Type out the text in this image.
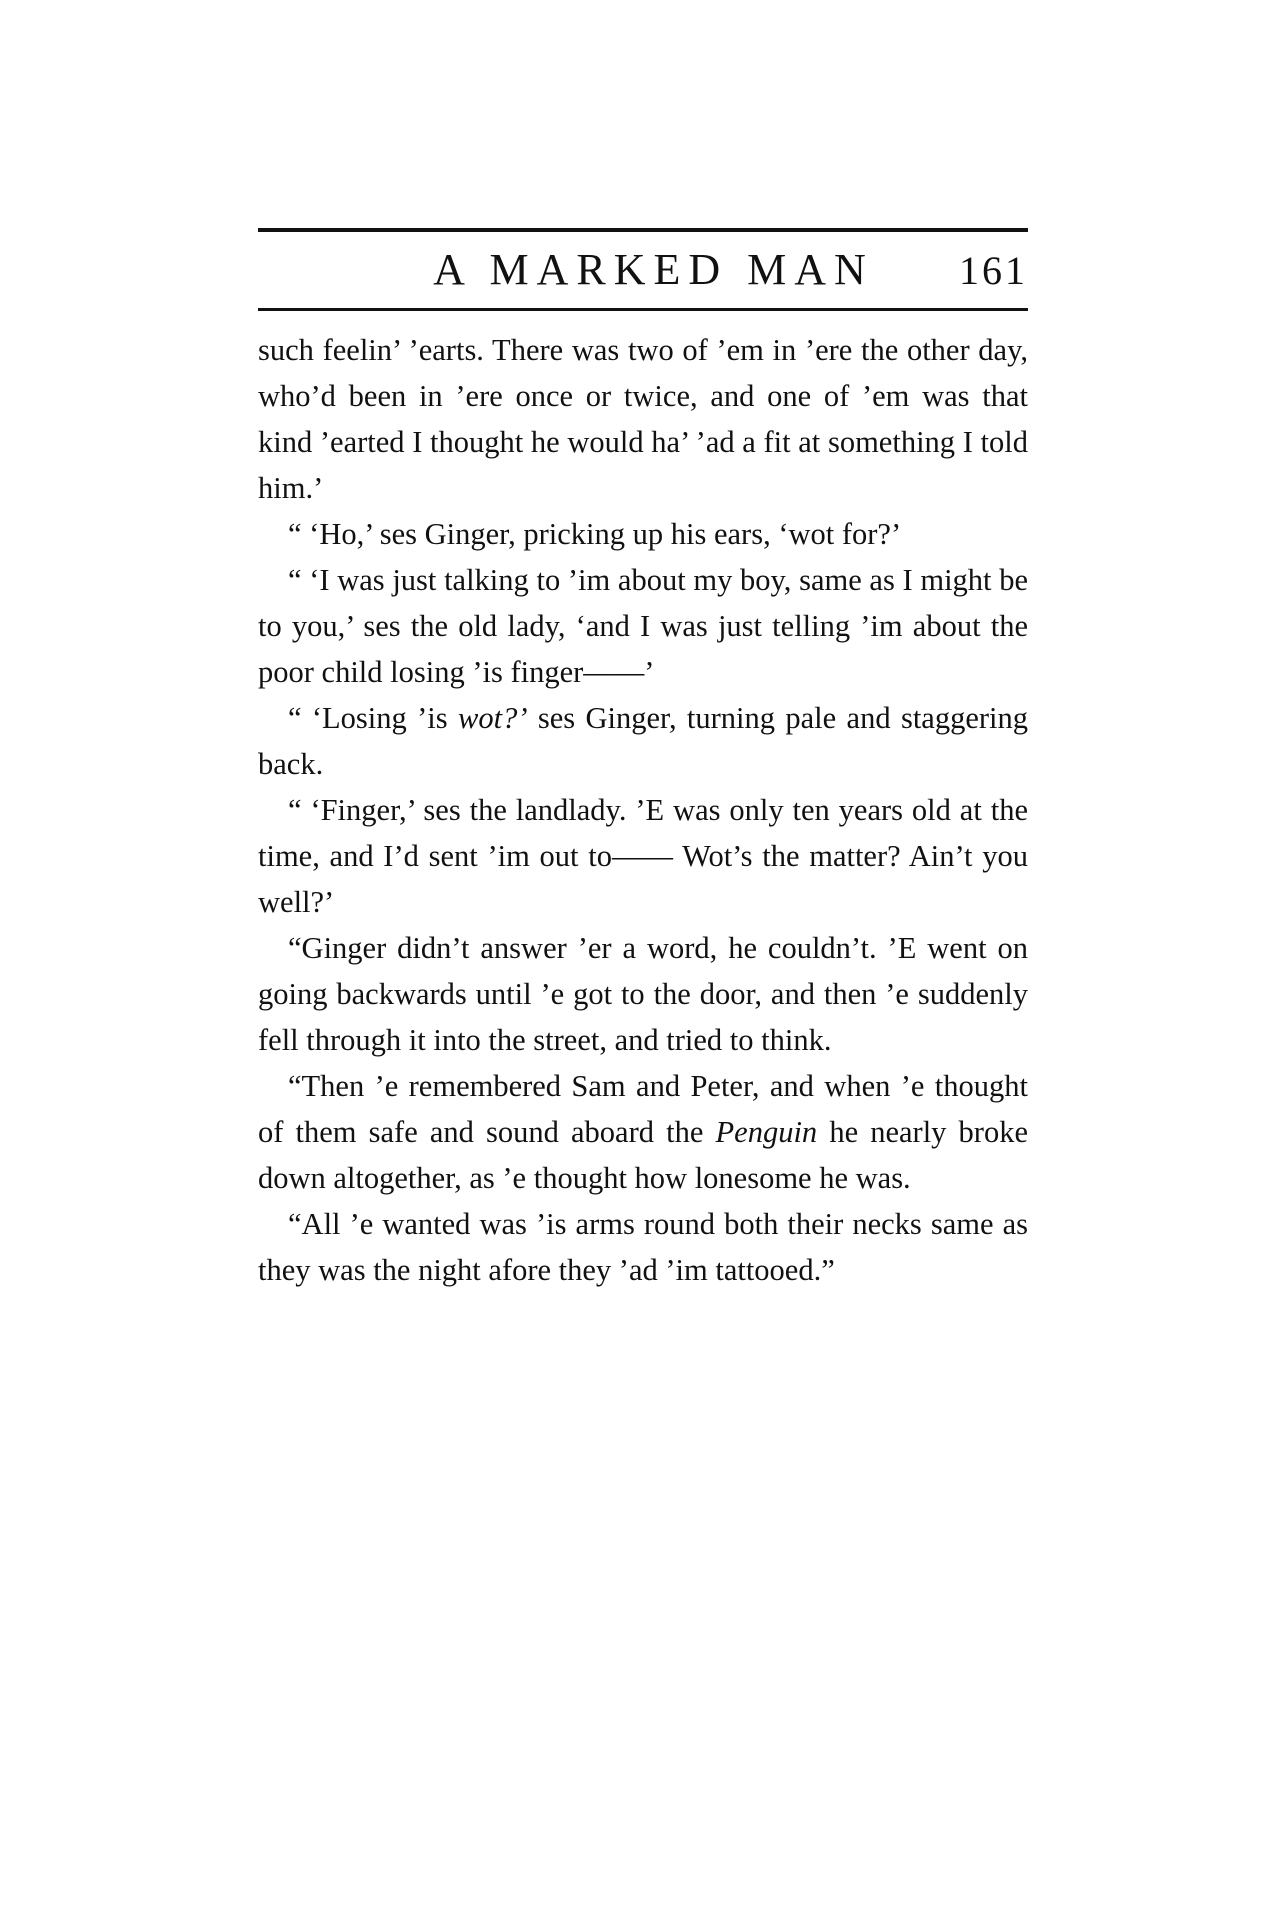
A MARKED MAN	161

such feelin’ ’earts. There was two of ’em in ’ere the other day, who’d been in ’ere once or twice, and one of ’em was that kind ’earted I thought he would ha’ ’ad a fit at something I told him.’

“ ‘Ho,’ ses Ginger, pricking up his ears, ‘wot for?’

“ ‘I was just talking to ’im about my boy, same as I might be to you,’ ses the old lady, ‘and I was just telling ’im about the poor child losing ’is finger——’

“ ‘Losing ’is wot?’ ses Ginger, turning pale and staggering back.

“ ‘Finger,’ ses the landlady. ’E was only ten years old at the time, and I’d sent ’im out to—— Wot’s the matter? Ain’t you well?’

“Ginger didn’t answer ’er a word, he couldn’t. ’E went on going backwards until ’e got to the door, and then ’e suddenly fell through it into the street, and tried to think.

“Then ’e remembered Sam and Peter, and when ’e thought of them safe and sound aboard the Penguin he nearly broke down altogether, as ’e thought how lonesome he was.

“All ’e wanted was ’is arms round both their necks same as they was the night afore they ’ad ’im tattooed.”
